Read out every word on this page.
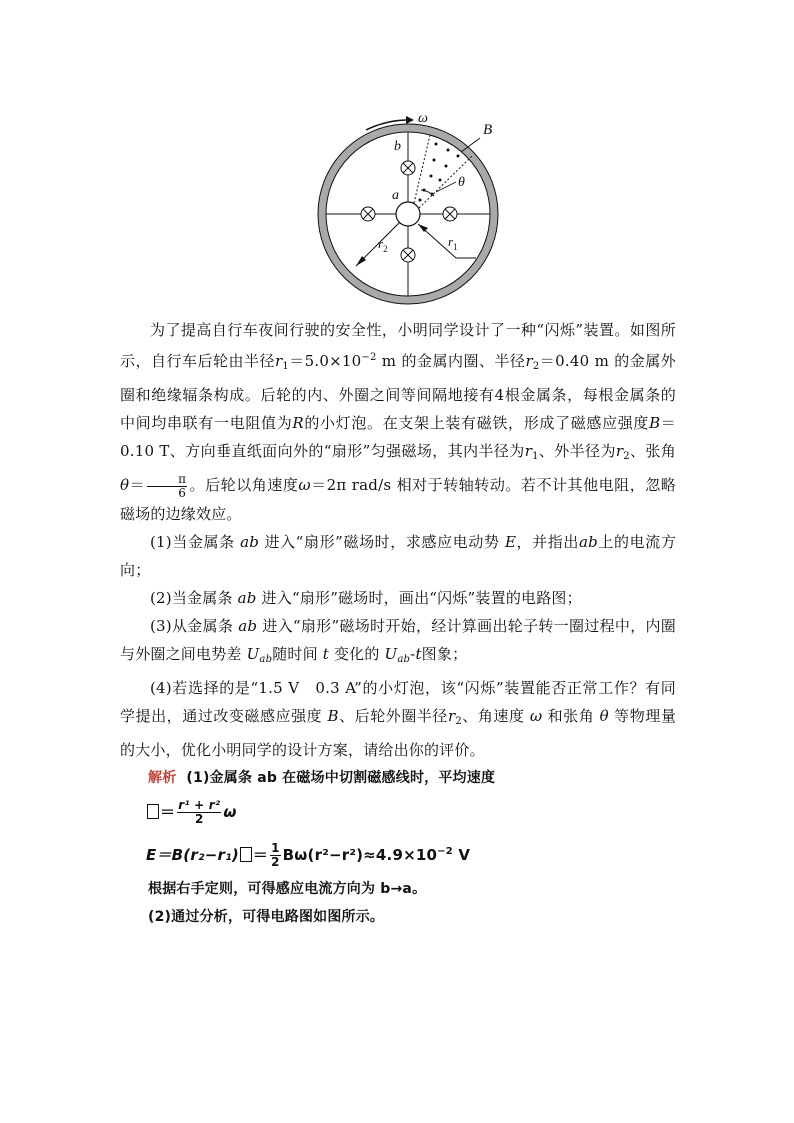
ω
B
θ
b
a
$r_2$	$r_1$

为了提高自行车夜间行驶的安全性，小明同学设计了一种“闪烁”装置。如图所示，自行车后轮由半径$r_1=5.0\times 10^{-2}$ m 的金属内圈、半径$r_2=0.40$ m 的金属外圈和绝缘辐条构成。后轮的内、外圈之间等间隔地接有4根金属条，每根金属条的中间均串联有一电阻值为R的小灯泡。在支架上装有磁铁，形成了磁感应强度B＝0.10 T、方向垂直纸面向外的“扇形”匀强磁场，其内半径为$r_1$、外半径为$r_2$、张角$\theta= \frac{\pi}{6}$ 。后轮以角速度ω＝2π rad/s 相对于转轴转动。若不计其他电阻，忽略磁场的边缘效应。

(1)当金属条 ab 进入“扇形”磁场时，求感应电动势 E，并指出ab上的电流方向；

(2)当金属条 ab 进入“扇形”磁场时，画出“闪烁”装置的电路图；

(3)从金属条 ab 进入“扇形”磁场时开始，经计算画出轮子转一圈过程中，内圈与外圈之间电势差 $U_{ab}$随时间 t 变化的 $U_{ab}-t$图象；

(4)若选择的是“1.5 V　0.3 A”的小灯泡，该“闪烁”装置能否正常工作？有同学提出，通过改变磁感应强度 B、后轮外圈半径$r_2$、角速度 ω 和张角 θ 等物理量的大小，优化小明同学的设计方案，请给出你的评价。

解析 (1)金属条 ab 在磁场中切割磁感线时，平均速度

＝ $\frac{\text{r¹ + r²}}{2}$ ω

$E=B(r_2-r_1) = \frac{1}{2} B\omega(r^2-r^2)\approx 4.9\times 10^{-2}$ V

根据右手定则，可得感应电流方向为 b→a。

(2)通过分析，可得电路图如图所示。
